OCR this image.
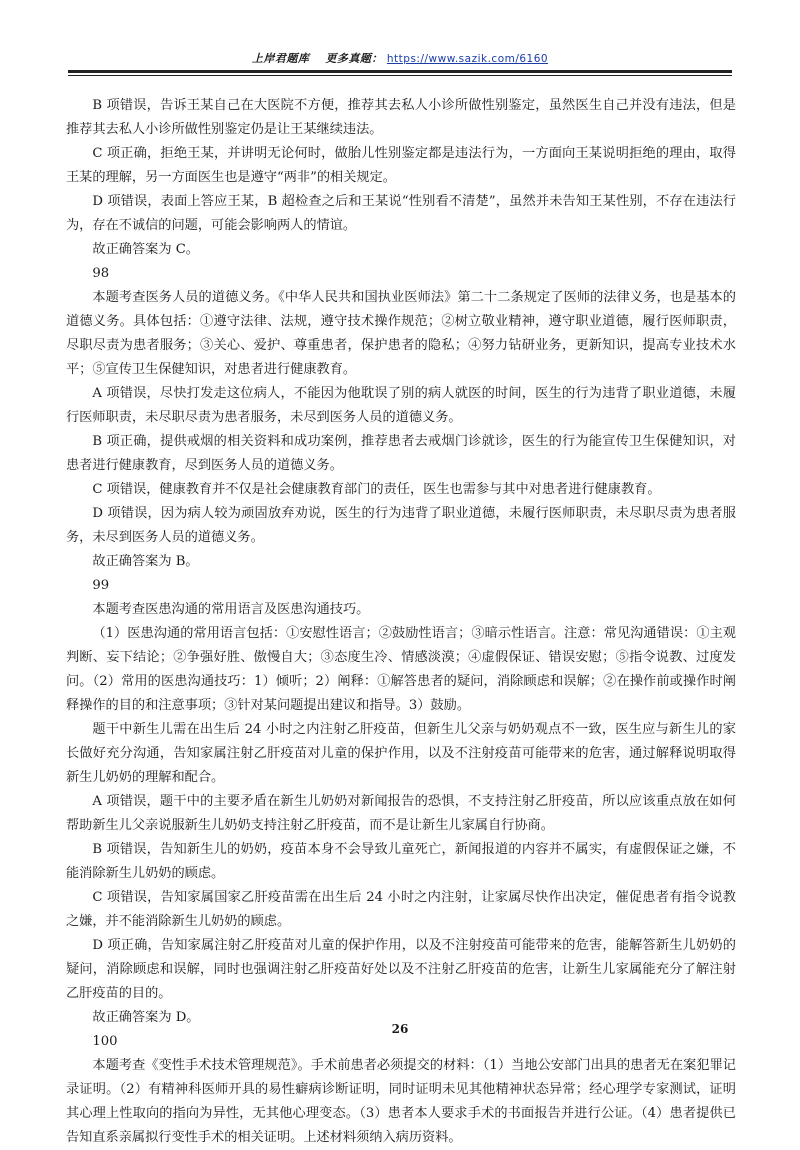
上岸君题库 更多真题： https://www.sazik.com/6160

B 项错误，告诉王某自己在大医院不方便，推荐其去私人小诊所做性别鉴定，虽然医生自己并没有违法，但是推荐其去私人小诊所做性别鉴定仍是让王某继续违法。

C 项正确，拒绝王某，并讲明无论何时，做胎儿性别鉴定都是违法行为，一方面向王某说明拒绝的理由，取得王某的理解，另一方面医生也是遵守“两非”的相关规定。

D 项错误，表面上答应王某，B 超检查之后和王某说“性别看不清楚”，虽然并未告知王某性别，不存在违法行为，存在不诚信的问题，可能会影响两人的情谊。

故正确答案为 C。

98

本题考查医务人员的道德义务。《中华人民共和国执业医师法》第二十二条规定了医师的法律义务，也是基本的道德义务。具体包括：①遵守法律、法规，遵守技术操作规范；②树立敬业精神，遵守职业道德，履行医师职责，尽职尽责为患者服务；③关心、爱护、尊重患者，保护患者的隐私；④努力钻研业务，更新知识，提高专业技术水平；⑤宣传卫生保健知识，对患者进行健康教育。

A 项错误，尽快打发走这位病人，不能因为他耽误了别的病人就医的时间，医生的行为违背了职业道德，未履行医师职责，未尽职尽责为患者服务，未尽到医务人员的道德义务。

B 项正确，提供戒烟的相关资料和成功案例，推荐患者去戒烟门诊就诊，医生的行为能宣传卫生保健知识，对患者进行健康教育，尽到医务人员的道德义务。

C 项错误，健康教育并不仅是社会健康教育部门的责任，医生也需参与其中对患者进行健康教育。

D 项错误，因为病人较为顽固放弃劝说，医生的行为违背了职业道德，未履行医师职责，未尽职尽责为患者服务，未尽到医务人员的道德义务。

故正确答案为 B。

99

本题考查医患沟通的常用语言及医患沟通技巧。

（1）医患沟通的常用语言包括：①安慰性语言；②鼓励性语言；③暗示性语言。注意：常见沟通错误：①主观判断、妄下结论；②争强好胜、傲慢自大；③态度生冷、情感淡漠；④虚假保证、错误安慰；⑤指令说教、过度发问。（2）常用的医患沟通技巧：1）倾听；2）阐释：①解答患者的疑问，消除顾虑和误解；②在操作前或操作时阐释操作的目的和注意事项；③针对某问题提出建议和指导。3）鼓励。

题干中新生儿需在出生后 24 小时之内注射乙肝疫苗，但新生儿父亲与奶奶观点不一致，医生应与新生儿的家长做好充分沟通，告知家属注射乙肝疫苗对儿童的保护作用，以及不注射疫苗可能带来的危害，通过解释说明取得新生儿奶奶的理解和配合。

A 项错误，题干中的主要矛盾在新生儿奶奶对新闻报告的恐惧，不支持注射乙肝疫苗，所以应该重点放在如何帮助新生儿父亲说服新生儿奶奶支持注射乙肝疫苗，而不是让新生儿家属自行协商。

B 项错误，告知新生儿的奶奶，疫苗本身不会导致儿童死亡，新闻报道的内容并不属实，有虚假保证之嫌，不能消除新生儿奶奶的顾虑。

C 项错误，告知家属国家乙肝疫苗需在出生后 24 小时之内注射，让家属尽快作出决定，催促患者有指令说教之嫌，并不能消除新生儿奶奶的顾虑。

D 项正确，告知家属注射乙肝疫苗对儿童的保护作用，以及不注射疫苗可能带来的危害，能解答新生儿奶奶的疑问，消除顾虑和误解，同时也强调注射乙肝疫苗好处以及不注射乙肝疫苗的危害，让新生儿家属能充分了解注射乙肝疫苗的目的。

故正确答案为 D。

100

本题考查《变性手术技术管理规范》。手术前患者必须提交的材料：（1）当地公安部门出具的患者无在案犯罪记录证明。（2）有精神科医师开具的易性癖病诊断证明，同时证明未见其他精神状态异常；经心理学专家测试，证明其心理上性取向的指向为异性，无其他心理变态。（3）患者本人要求手术的书面报告并进行公证。（4）患者提供已告知直系亲属拟行变性手术的相关证明。上述材料须纳入病历资料。

26
